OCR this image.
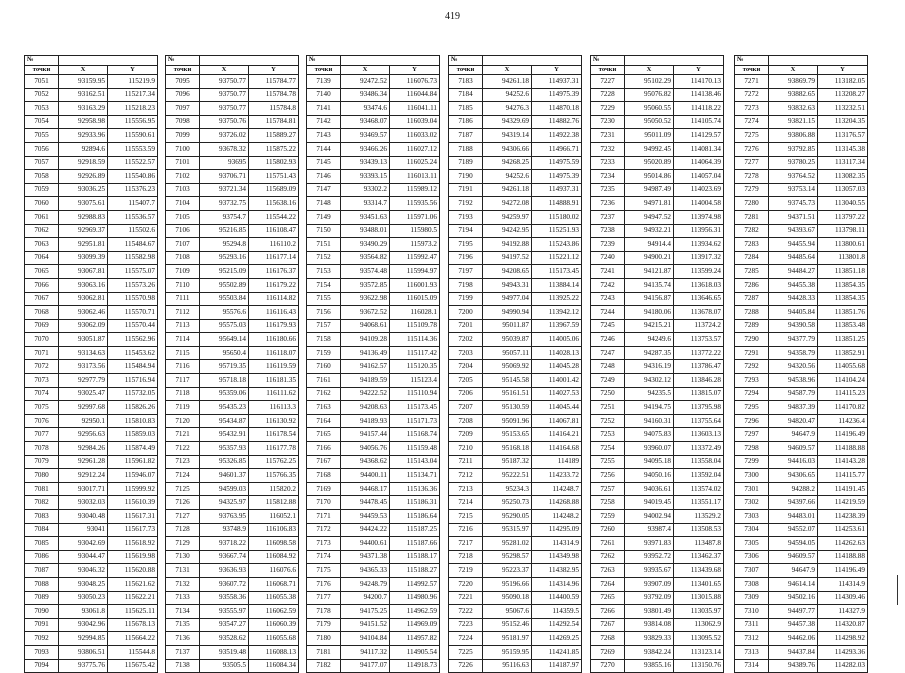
419
№		
точки	X	Y
7051	93159.95	115219.9
7052	93162.51	115217.34
7053	93163.29	115218.23
7054	92958.98	115556.95
7055	92933.96	115590.61
7056	92894.6	115553.59
7057	92918.59	115522.57
7058	92926.89	115540.86
7059	93036.25	115376.23
7060	93075.61	115407.7
7061	92988.83	115536.57
7062	92969.37	115502.6
7063	92951.81	115484.67
7064	93099.39	115582.98
7065	93067.81	115575.07
7066	93063.16	115573.26
7067	93062.81	115570.98
7068	93062.46	115570.71
7069	93062.09	115570.44
7070	93051.87	115562.96
7071	93134.63	115453.62
7072	93173.56	115484.94
7073	92977.79	115716.94
7074	93025.47	115732.05
7075	92997.68	115826.26
7076	92950.1	115810.83
7077	92956.63	115859.03
7078	92984.26	115874.49
7079	92961.28	115961.82
7080	92912.24	115946.07
7081	93017.71	115999.92
7082	93032.03	115610.39
7083	93040.48	115617.31
7084	93041	115617.73
7085	93042.69	115618.92
7086	93044.47	115619.98
7087	93046.32	115620.88
7088	93048.25	115621.62
7089	93050.23	115622.21
7090	93061.8	115625.11
7091	93042.96	115678.13
7092	92994.85	115664.22
7093	93806.51	115544.8
7094	93775.76	115675.42
№		
точки	X	Y
7095	93750.77	115784.77
7096	93750.77	115784.78
7097	93750.77	115784.8
7098	93750.76	115784.81
7099	93726.02	115889.27
7100	93678.32	115875.22
7101	93695	115802.93
7102	93706.71	115751.43
7103	93721.34	115689.09
7104	93732.75	115638.16
7105	93754.7	115544.22
7106	95216.85	116108.47
7107	95294.8	116110.2
7108	95293.16	116177.14
7109	95215.09	116176.37
7110	95502.89	116179.22
7111	95503.84	116114.82
7112	95576.6	116116.43
7113	95575.03	116179.93
7114	95649.14	116180.66
7115	95650.4	116118.07
7116	95719.35	116119.59
7117	95718.18	116181.35
7118	95359.06	116111.62
7119	95435.23	116113.3
7120	95434.87	116130.92
7121	95432.91	116178.54
7122	95357.93	116177.78
7123	95326.85	115762.25
7124	94601.37	115766.35
7125	94599.03	115820.2
7126	94325.97	115812.88
7127	93763.95	116052.1
7128	93748.9	116106.83
7129	93718.22	116098.58
7130	93667.74	116084.92
7131	93636.93	116076.6
7132	93607.72	116068.71
7133	93558.36	116055.38
7134	93555.97	116062.59
7135	93547.27	116060.39
7136	93528.62	116055.68
7137	93519.48	116088.13
7138	93505.5	116084.34
№		
точки	X	Y
7139	92472.52	116076.73
7140	93486.34	116044.84
7141	93474.6	116041.11
7142	93468.07	116039.04
7143	93469.57	116033.02
7144	93466.26	116027.12
7145	93439.13	116025.24
7146	93393.15	116013.11
7147	93302.2	115989.12
7148	93314.7	115935.56
7149	93451.63	115971.06
7150	93488.01	115980.5
7151	93490.29	115973.2
7152	93564.82	115992.47
7153	93574.48	115994.97
7154	93572.85	116001.93
7155	93622.98	116015.09
7156	93672.52	116028.1
7157	94068.61	115109.78
7158	94109.28	115114.36
7159	94136.49	115117.42
7160	94162.57	115120.35
7161	94189.59	115123.4
7162	94222.52	115110.94
7163	94208.63	115173.45
7164	94189.93	115171.73
7165	94157.44	115168.74
7166	94056.76	115159.48
7167	94368.62	115143.04
7168	94400.11	115134.71
7169	94468.17	115136.36
7170	94478.45	115186.31
7171	94459.53	115186.64
7172	94424.22	115187.25
7173	94400.61	115187.66
7174	94371.38	115188.17
7175	94365.33	115188.27
7176	94248.79	114992.57
7177	94200.7	114980.96
7178	94175.25	114962.59
7179	94151.52	114969.09
7180	94104.84	114957.82
7181	94117.32	114905.54
7182	94177.07	114918.73
№		
точки	X	Y
7183	94261.18	114937.31
7184	94252.6	114975.39
7185	94276.3	114870.18
7186	94329.69	114882.76
7187	94319.14	114922.38
7188	94306.66	114966.71
7189	94268.25	114975.59
7190	94252.6	114975.39
7191	94261.18	114937.31
7192	94272.08	114888.91
7193	94259.97	115180.02
7194	94242.95	115251.93
7195	94192.88	115243.86
7196	94197.52	115221.12
7197	94208.65	115173.45
7198	94943.31	113884.14
7199	94977.04	113925.22
7200	94990.94	113942.12
7201	95011.87	113967.59
7202	95039.87	114005.06
7203	95057.11	114028.13
7204	95069.92	114045.28
7205	95145.58	114001.42
7206	95161.51	114027.53
7207	95130.59	114045.44
7208	95091.96	114067.81
7209	95153.65	114164.21
7210	95168.18	114164.68
7211	95187.32	114189
7212	95222.51	114233.72
7213	95234.3	114248.7
7214	95250.73	114268.88
7215	95290.05	114248.2
7216	95315.97	114295.09
7217	95281.02	114314.9
7218	95298.57	114349.98
7219	95223.37	114382.95
7220	95196.66	114314.96
7221	95090.18	114400.59
7222	95067.6	114359.5
7223	95152.46	114292.54
7224	95181.97	114269.25
7225	95159.95	114241.85
7226	95116.63	114187.97
№		
точки	X	Y
7227	95102.29	114170.13
7228	95076.82	114138.46
7229	95060.55	114118.22
7230	95050.52	114105.74
7231	95011.09	114129.57
7232	94992.45	114081.34
7233	95020.89	114064.39
7234	95014.86	114057.04
7235	94987.49	114023.69
7236	94971.81	114004.58
7237	94947.52	113974.98
7238	94932.21	113956.31
7239	94914.4	113934.62
7240	94900.21	113917.32
7241	94121.87	113599.24
7242	94135.74	113618.03
7243	94156.87	113646.65
7244	94180.06	113678.07
7245	94215.21	113724.2
7246	94249.6	113753.57
7247	94287.35	113772.22
7248	94316.19	113786.47
7249	94302.12	113846.28
7250	94235.5	113815.07
7251	94194.75	113795.98
7252	94160.31	113755.64
7253	94075.83	113603.13
7254	93960.07	113372.49
7255	94095.18	113558.04
7256	94050.16	113592.04
7257	94036.61	113574.02
7258	94019.45	113551.17
7259	94002.94	113529.2
7260	93987.4	113508.53
7261	93971.83	113487.8
7262	93952.72	113462.37
7263	93935.67	113439.68
7264	93907.09	113401.65
7265	93792.09	113015.88
7266	93801.49	113035.97
7267	93814.08	113062.9
7268	93829.33	113095.52
7269	93842.24	113123.14
7270	93855.16	113150.76
№		
точки	X	Y
7271	93869.79	113182.05
7272	93882.65	113208.27
7273	93832.63	113232.51
7274	93821.15	113204.35
7275	93806.88	113176.57
7276	93792.85	113145.38
7277	93780.25	113117.34
7278	93764.52	113082.35
7279	93753.14	113057.03
7280	93745.73	113040.55
7281	94371.51	113797.22
7282	94393.67	113798.11
7283	94455.94	113800.61
7284	94485.64	113801.8
7285	94484.27	113851.18
7286	94455.38	113854.35
7287	94428.33	113854.35
7288	94405.84	113851.76
7289	94390.58	113853.48
7290	94377.79	113851.25
7291	94358.79	113852.91
7292	94320.56	114055.68
7293	94538.96	114104.24
7294	94587.79	114115.23
7295	94837.39	114170.82
7296	94820.47	114236.4
7297	94647.9	114196.49
7298	94609.57	114188.88
7299	94416.03	114143.28
7300	94306.65	114115.77
7301	94288.2	114191.45
7302	94397.66	114219.59
7303	94483.01	114238.39
7304	94552.07	114253.61
7305	94594.05	114262.63
7306	94609.57	114188.88
7307	94647.9	114196.49
7308	94614.14	114314.9
7309	94502.16	114309.46
7310	94497.77	114327.9
7311	94457.38	114320.87
7312	94462.06	114298.92
7313	94437.84	114293.36
7314	94389.76	114282.03
